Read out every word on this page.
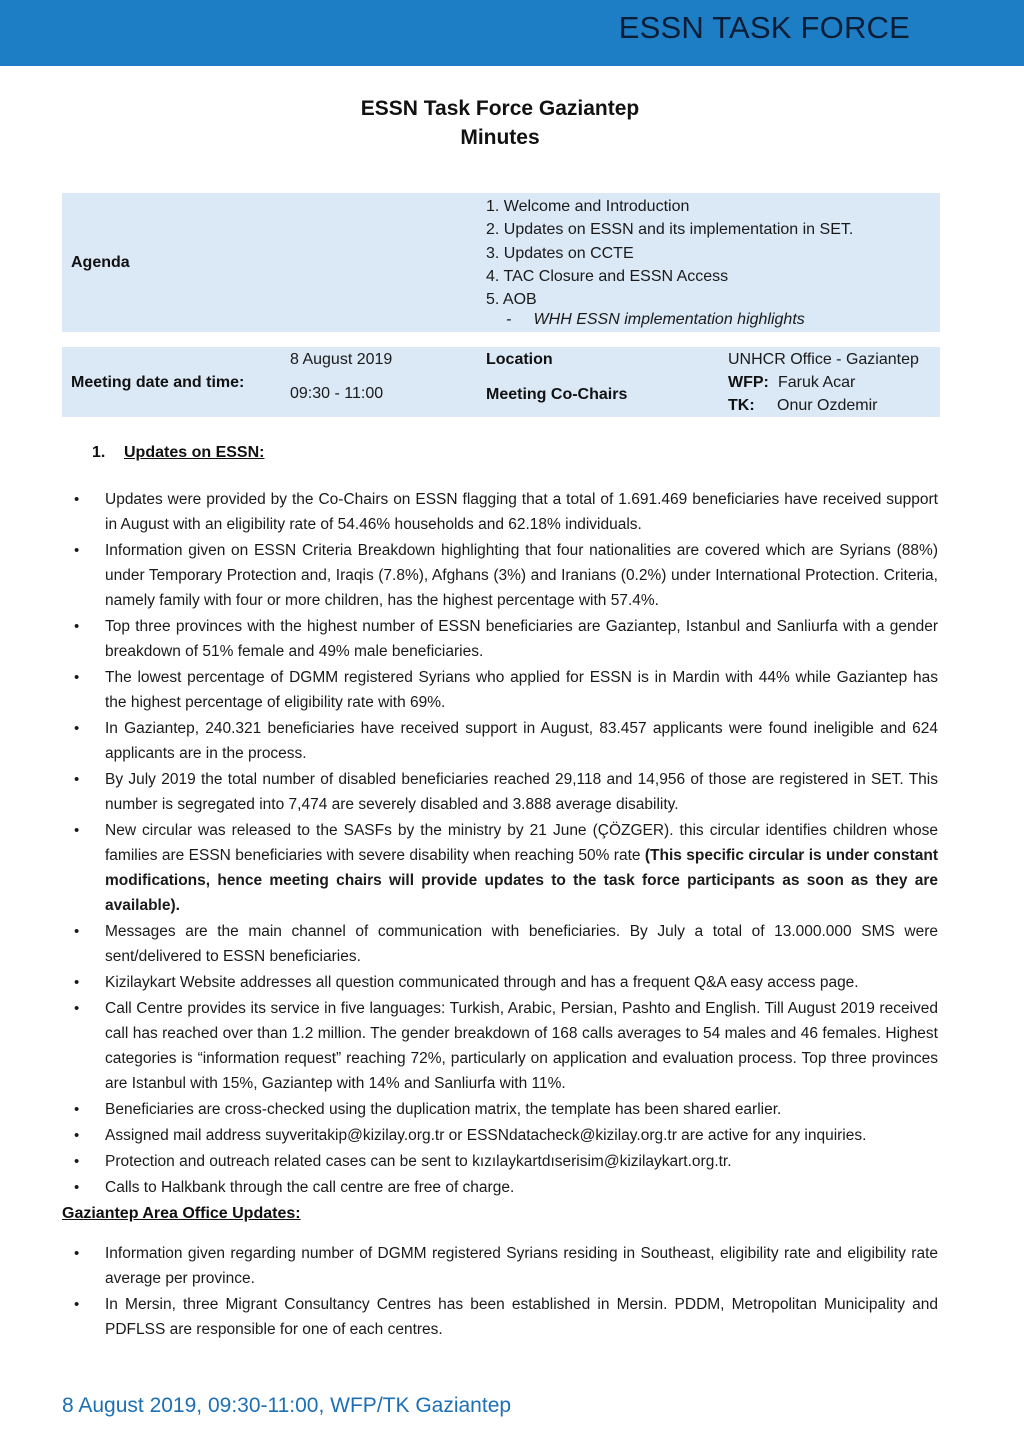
ESSN TASK FORCE
ESSN Task Force Gaziantep
Minutes
Agenda
1. Welcome and Introduction
2. Updates on ESSN and its implementation in SET.
3. Updates on CCTE
4. TAC Closure and ESSN Access
5. AOB
-     WHH ESSN implementation highlights
Meeting date and time:
8 August 2019
09:30 - 11:00
Location
Meeting Co-Chairs
UNHCR Office - Gaziantep
WFP: Faruk Acar
TK: Onur Ozdemir
1. Updates on ESSN:
• Updates were provided by the Co-Chairs on ESSN flagging that a total of 1.691.469 beneficiaries have received support in August with an eligibility rate of 54.46% households and 62.18% individuals.
• Information given on ESSN Criteria Breakdown highlighting that four nationalities are covered which are Syrians (88%) under Temporary Protection and, Iraqis (7.8%), Afghans (3%) and Iranians (0.2%) under International Protection. Criteria, namely family with four or more children, has the highest percentage with 57.4%.
• Top three provinces with the highest number of ESSN beneficiaries are Gaziantep, Istanbul and Sanliurfa with a gender breakdown of 51% female and 49% male beneficiaries.
• The lowest percentage of DGMM registered Syrians who applied for ESSN is in Mardin with 44% while Gaziantep has the highest percentage of eligibility rate with 69%.
• In Gaziantep, 240.321 beneficiaries have received support in August, 83.457 applicants were found ineligible and 624 applicants are in the process.
• By July 2019 the total number of disabled beneficiaries reached 29,118 and 14,956 of those are registered in SET. This number is segregated into 7,474 are severely disabled and 3.888 average disability.
• New circular was released to the SASFs by the ministry by 21 June (ÇÖZGER). this circular identifies children whose families are ESSN beneficiaries with severe disability when reaching 50% rate (This specific circular is under constant modifications, hence meeting chairs will provide updates to the task force participants as soon as they are available).
• Messages are the main channel of communication with beneficiaries. By July a total of 13.000.000 SMS were sent/delivered to ESSN beneficiaries.
• Kizilaykart Website addresses all question communicated through and has a frequent Q&A easy access page.
• Call Centre provides its service in five languages: Turkish, Arabic, Persian, Pashto and English. Till August 2019 received call has reached over than 1.2 million. The gender breakdown of 168 calls averages to 54 males and 46 females. Highest categories is “information request” reaching 72%, particularly on application and evaluation process. Top three provinces are Istanbul with 15%, Gaziantep with 14% and Sanliurfa with 11%.
• Beneficiaries are cross-checked using the duplication matrix, the template has been shared earlier.
• Assigned mail address suyveritakip@kizilay.org.tr or ESSNdatacheck@kizilay.org.tr are active for any inquiries.
• Protection and outreach related cases can be sent to kızılaykartdıserisim@kizilaykart.org.tr.
• Calls to Halkbank through the call centre are free of charge.
Gaziantep Area Office Updates:
• Information given regarding number of DGMM registered Syrians residing in Southeast, eligibility rate and eligibility rate average per province.
• In Mersin, three Migrant Consultancy Centres has been established in Mersin. PDDM, Metropolitan Municipality and PDFLSS are responsible for one of each centres.
8 August 2019, 09:30-11:00, WFP/TK Gaziantep
